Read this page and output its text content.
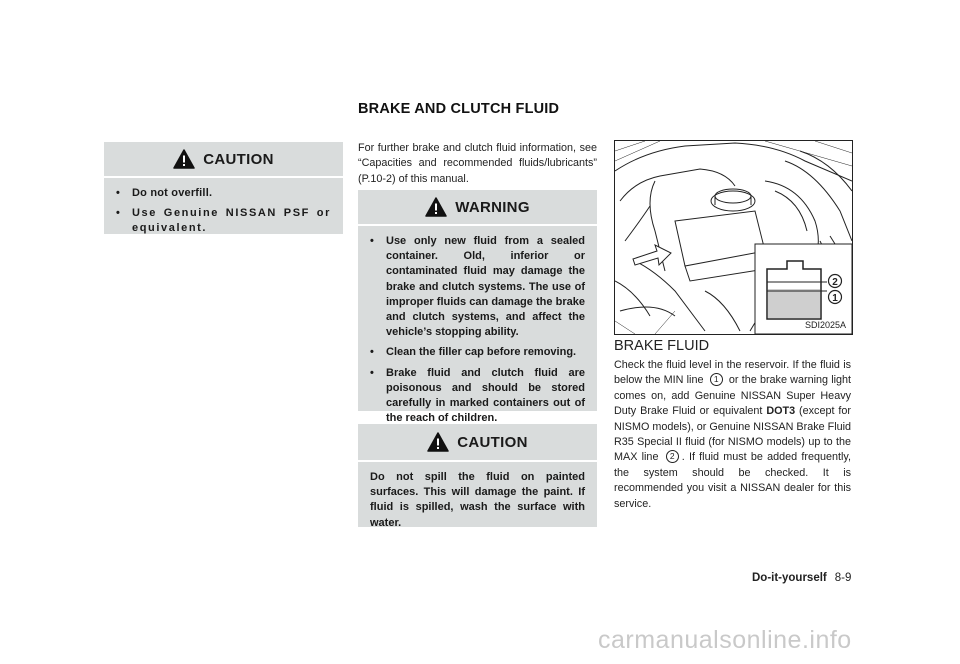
BRAKE AND CLUTCH FLUID
CAUTION
•	Do not overfill.
•	Use Genuine NISSAN PSF or equivalent.
For further brake and clutch fluid information, see “Capacities and recommended fluids/lubricants” (P.10-2) of this manual.
WARNING
•	Use only new fluid from a sealed container. Old, inferior or contaminated fluid may damage the brake and clutch systems. The use of improper fluids can damage the brake and clutch systems, and affect the vehicle’s stopping ability.
•	Clean the filler cap before removing.
•	Brake fluid and clutch fluid are poisonous and should be stored carefully in marked containers out of the reach of children.
CAUTION
Do not spill the fluid on painted surfaces. This will damage the paint. If fluid is spilled, wash the surface with water.
2
1
SDI2025A
BRAKE FLUID
Check the fluid level in the reservoir. If the fluid is below the MIN line 1 or the brake warning light comes on, add Genuine NISSAN Super Heavy Duty Brake Fluid or equivalent DOT3 (except for NISMO models), or Genuine NISSAN Brake Fluid R35 Special II fluid (for NISMO models) up to the MAX line 2 . If fluid must be added frequently, the system should be checked. It is recommended you visit a NISSAN dealer for this service.
Do-it-yourself 8-9
carmanualsonline.info
